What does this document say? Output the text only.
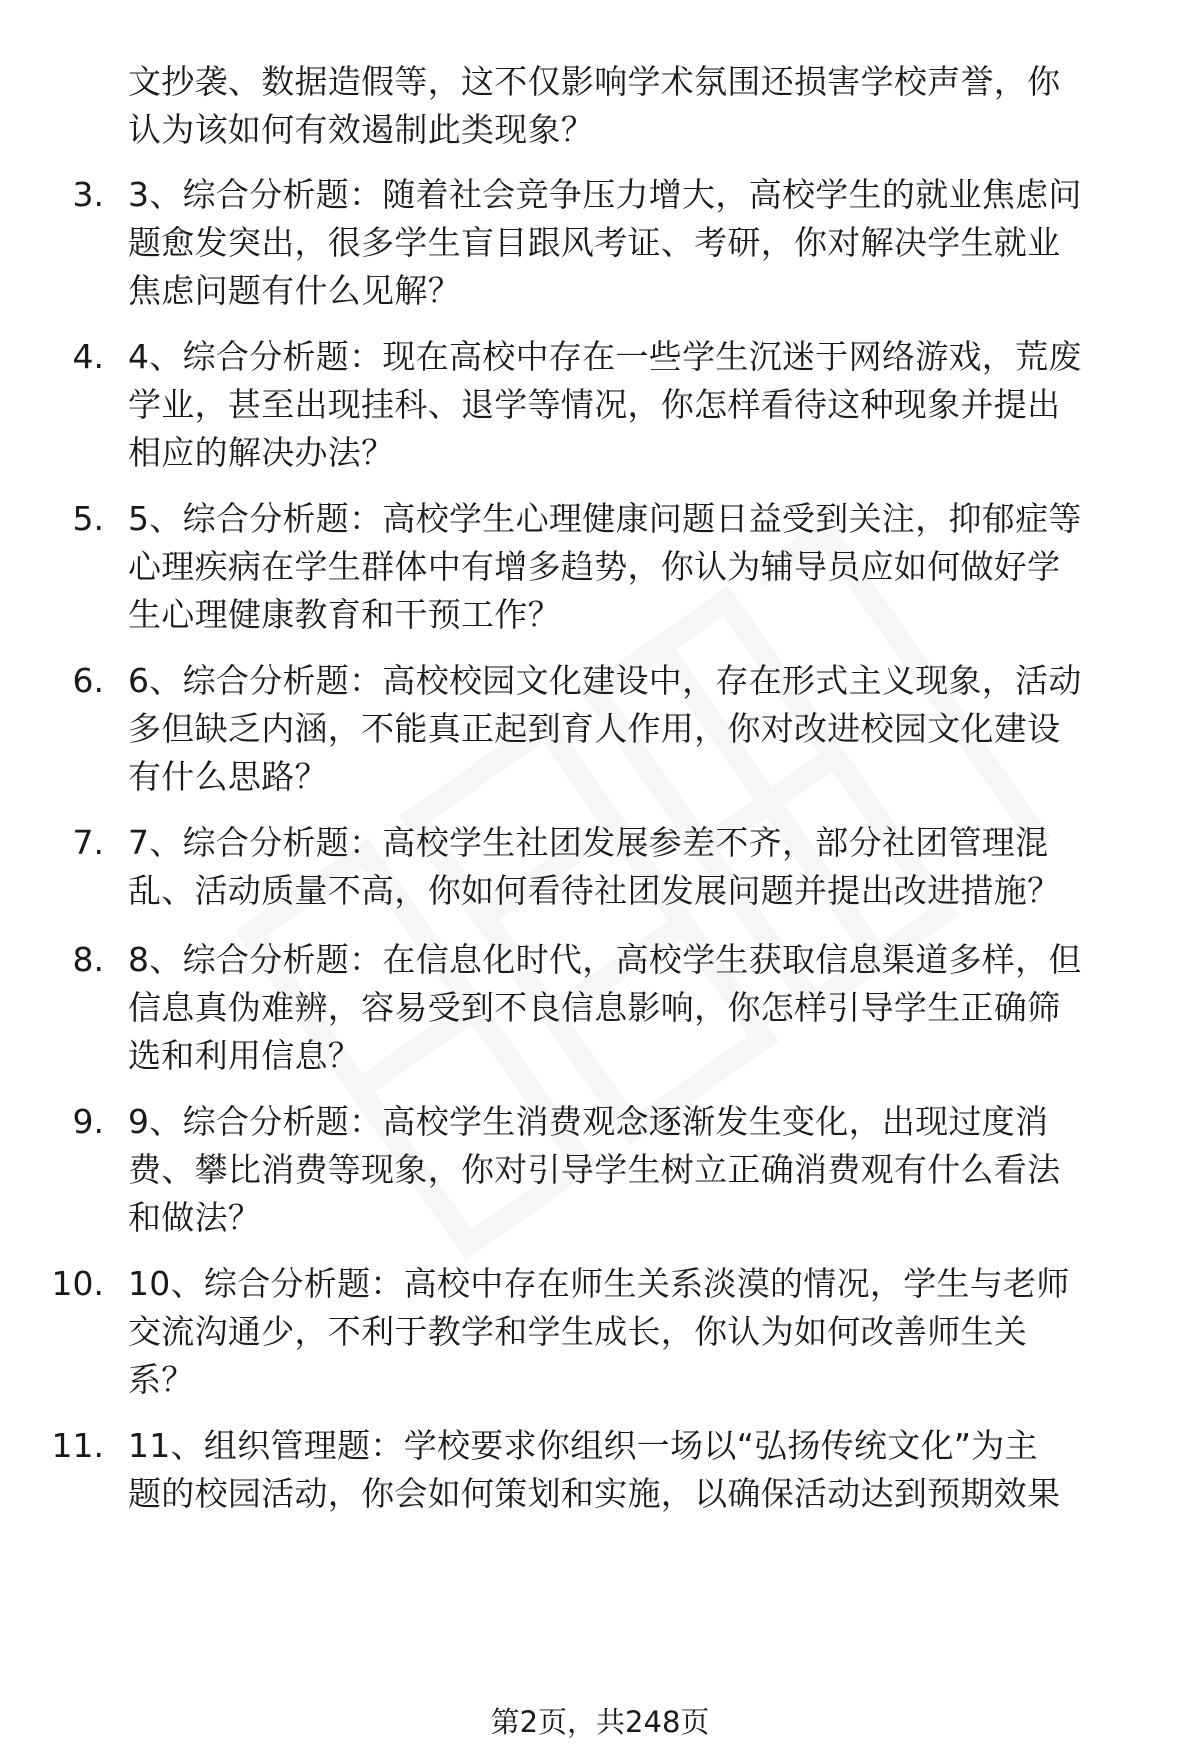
文抄袭、数据造假等，这不仅影响学术氛围还损害学校声誉，你

认为该如何有效遏制此类现象？

3. 3、综合分析题：随着社会竞争压力增大，高校学生的就业焦虑问

题愈发突出，很多学生盲目跟风考证、考研，你对解决学生就业

焦虑问题有什么见解？

4. 4、综合分析题：现在高校中存在一些学生沉迷于网络游戏，荒废

学业，甚至出现挂科、退学等情况，你怎样看待这种现象并提出

相应的解决办法？

5. 5、综合分析题：高校学生心理健康问题日益受到关注，抑郁症等

心理疾病在学生群体中有增多趋势，你认为辅导员应如何做好学

生心理健康教育和干预工作？

6. 6、综合分析题：高校校园文化建设中，存在形式主义现象，活动

多但缺乏内涵，不能真正起到育人作用，你对改进校园文化建设

有什么思路？

7. 7、综合分析题：高校学生社团发展参差不齐，部分社团管理混

乱、活动质量不高，你如何看待社团发展问题并提出改进措施？

8. 8、综合分析题：在信息化时代，高校学生获取信息渠道多样，但

信息真伪难辨，容易受到不良信息影响，你怎样引导学生正确筛

选和利用信息？

9. 9、综合分析题：高校学生消费观念逐渐发生变化，出现过度消

费、攀比消费等现象，你对引导学生树立正确消费观有什么看法

和做法？

10. 10、综合分析题：高校中存在师生关系淡漠的情况，学生与老师

交流沟通少，不利于教学和学生成长，你认为如何改善师生关

系？

11. 11、组织管理题：学校要求你组织一场以“弘扬传统文化”为主

题的校园活动，你会如何策划和实施，以确保活动达到预期效果

第2页，共248页
